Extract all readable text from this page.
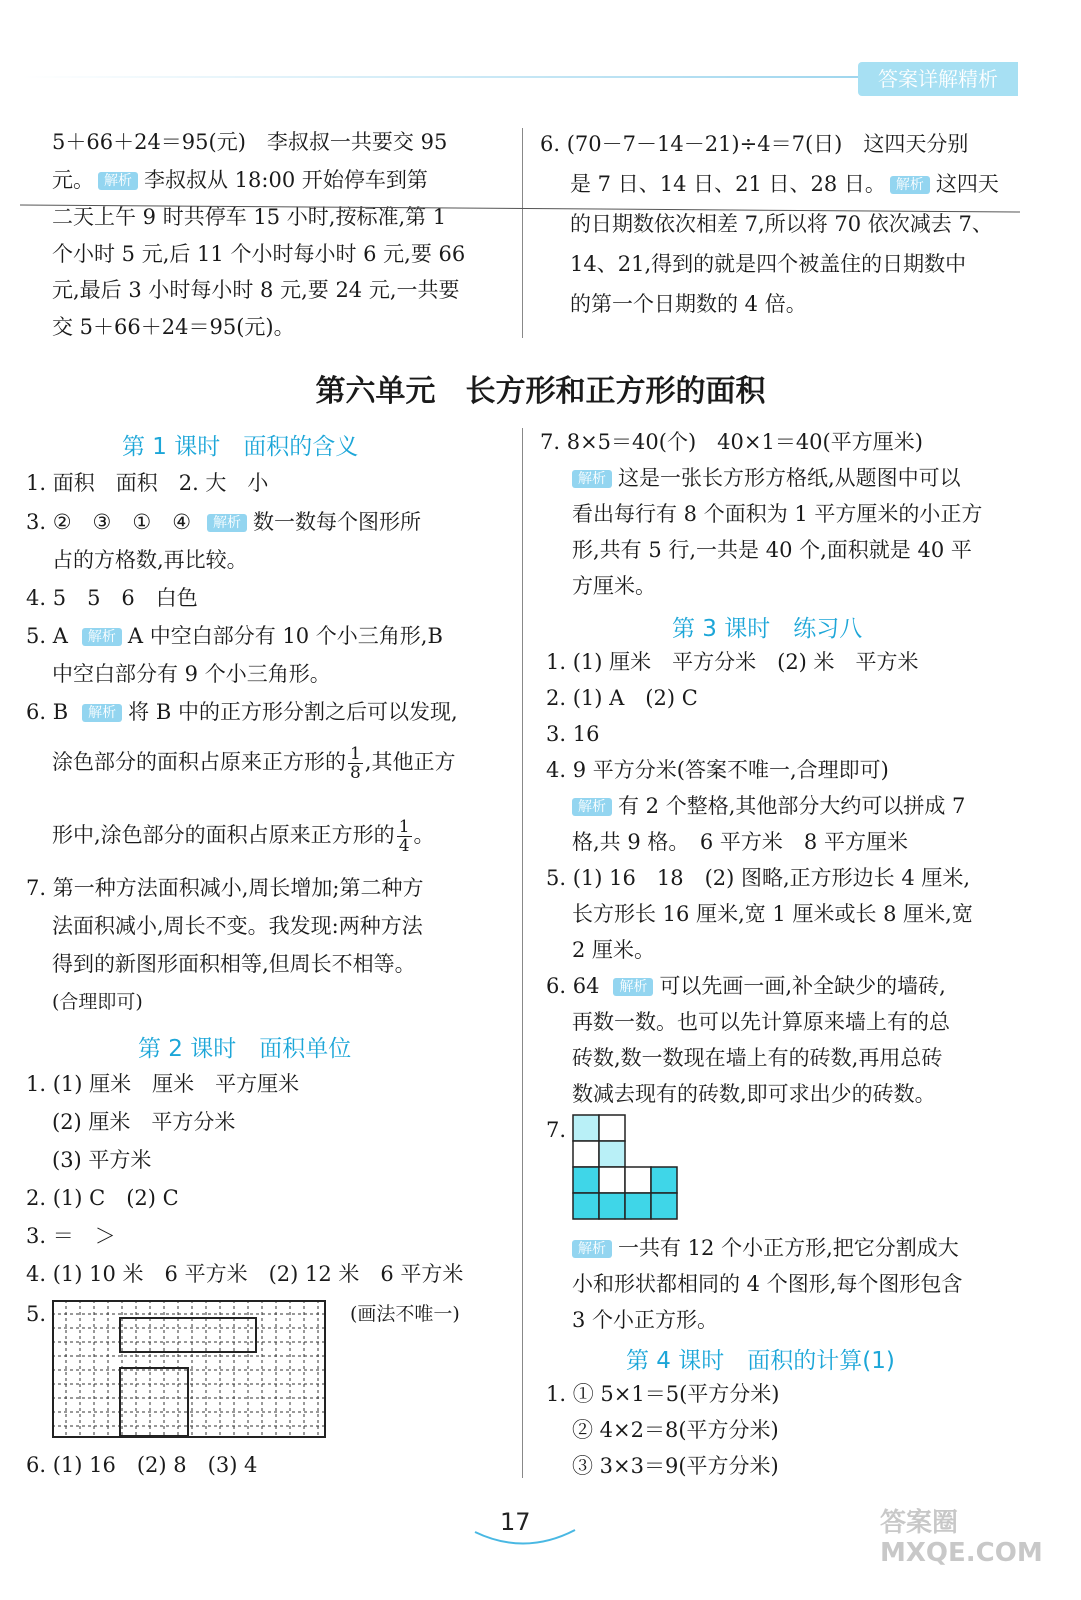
答案详解精析
5＋66＋24＝95(元)　李叔叔一共要交 95
元。 解析 李叔叔从 18:00 开始停车到第
二天上午 9 时共停车 15 小时,按标准,第 1
个小时 5 元,后 11 个小时每小时 6 元,要 66
元,最后 3 小时每小时 8 元,要 24 元,一共要
交 5＋66＋24＝95(元)。
6. (70－7－14－21)÷4＝7(日)　这四天分别
是 7 日、14 日、21 日、28 日。 解析 这四天
的日期数依次相差 7,所以将 70 依次减去 7、
14、21,得到的就是四个被盖住的日期数中
的第一个日期数的 4 倍。
第六单元　长方形和正方形的面积
第 1 课时　面积的含义
1. 面积　面积　2. 大　小
3. ②　③　①　④ 解析 数一数每个图形所
占的方格数,再比较。
4. 5　5　6　白色
5. A 解析 A 中空白部分有 10 个小三角形,B
中空白部分有 9 个小三角形。
6. B 解析 将 B 中的正方形分割之后可以发现,
涂色部分的面积占原来正方形的 $\frac{1}{8}$ ,其他正方
形中,涂色部分的面积占原来正方形的 $\frac{1}{4}$ 。
7. 第一种方法面积减小,周长增加;第二种方
法面积减小,周长不变。我发现:两种方法
得到的新图形面积相等,但周长不相等。
(合理即可)
第 2 课时　面积单位
1. (1) 厘米　厘米　平方厘米
(2) 厘米　平方分米
(3) 平方米
2. (1) C　(2) C
3. ＝　＞
4. (1) 10 米　6 平方米　(2) 12 米　6 平方米
5.	(画法不唯一)
6. (1) 16　(2) 8　(3) 4
7. 8×5＝40(个)　40×1＝40(平方厘米)
解析 这是一张长方形方格纸,从题图中可以
看出每行有 8 个面积为 1 平方厘米的小正方
形,共有 5 行,一共是 40 个,面积就是 40 平
方厘米。
第 3 课时　练习八
1. (1) 厘米　平方分米　(2) 米　平方米
2. (1) A　(2) C
3. 16
4. 9 平方分米(答案不唯一,合理即可)
解析 有 2 个整格,其他部分大约可以拼成 7
格,共 9 格。　6 平方米　8 平方厘米
5. (1) 16　18　(2) 图略,正方形边长 4 厘米,
长方形长 16 厘米,宽 1 厘米或长 8 厘米,宽
2 厘米。
6. 64 解析 可以先画一画,补全缺少的墙砖,
再数一数。也可以先计算原来墙上有的总
砖数,数一数现在墙上有的砖数,再用总砖
数减去现有的砖数,即可求出少的砖数。
7.
解析 一共有 12 个小正方形,把它分割成大
小和形状都相同的 4 个图形,每个图形包含
3 个小正方形。
第 4 课时　面积的计算(1)
1. ① 5×1＝5(平方分米)
② 4×2＝8(平方分米)
③ 3×3＝9(平方分米)
17	答案圈 MXQE.COM
